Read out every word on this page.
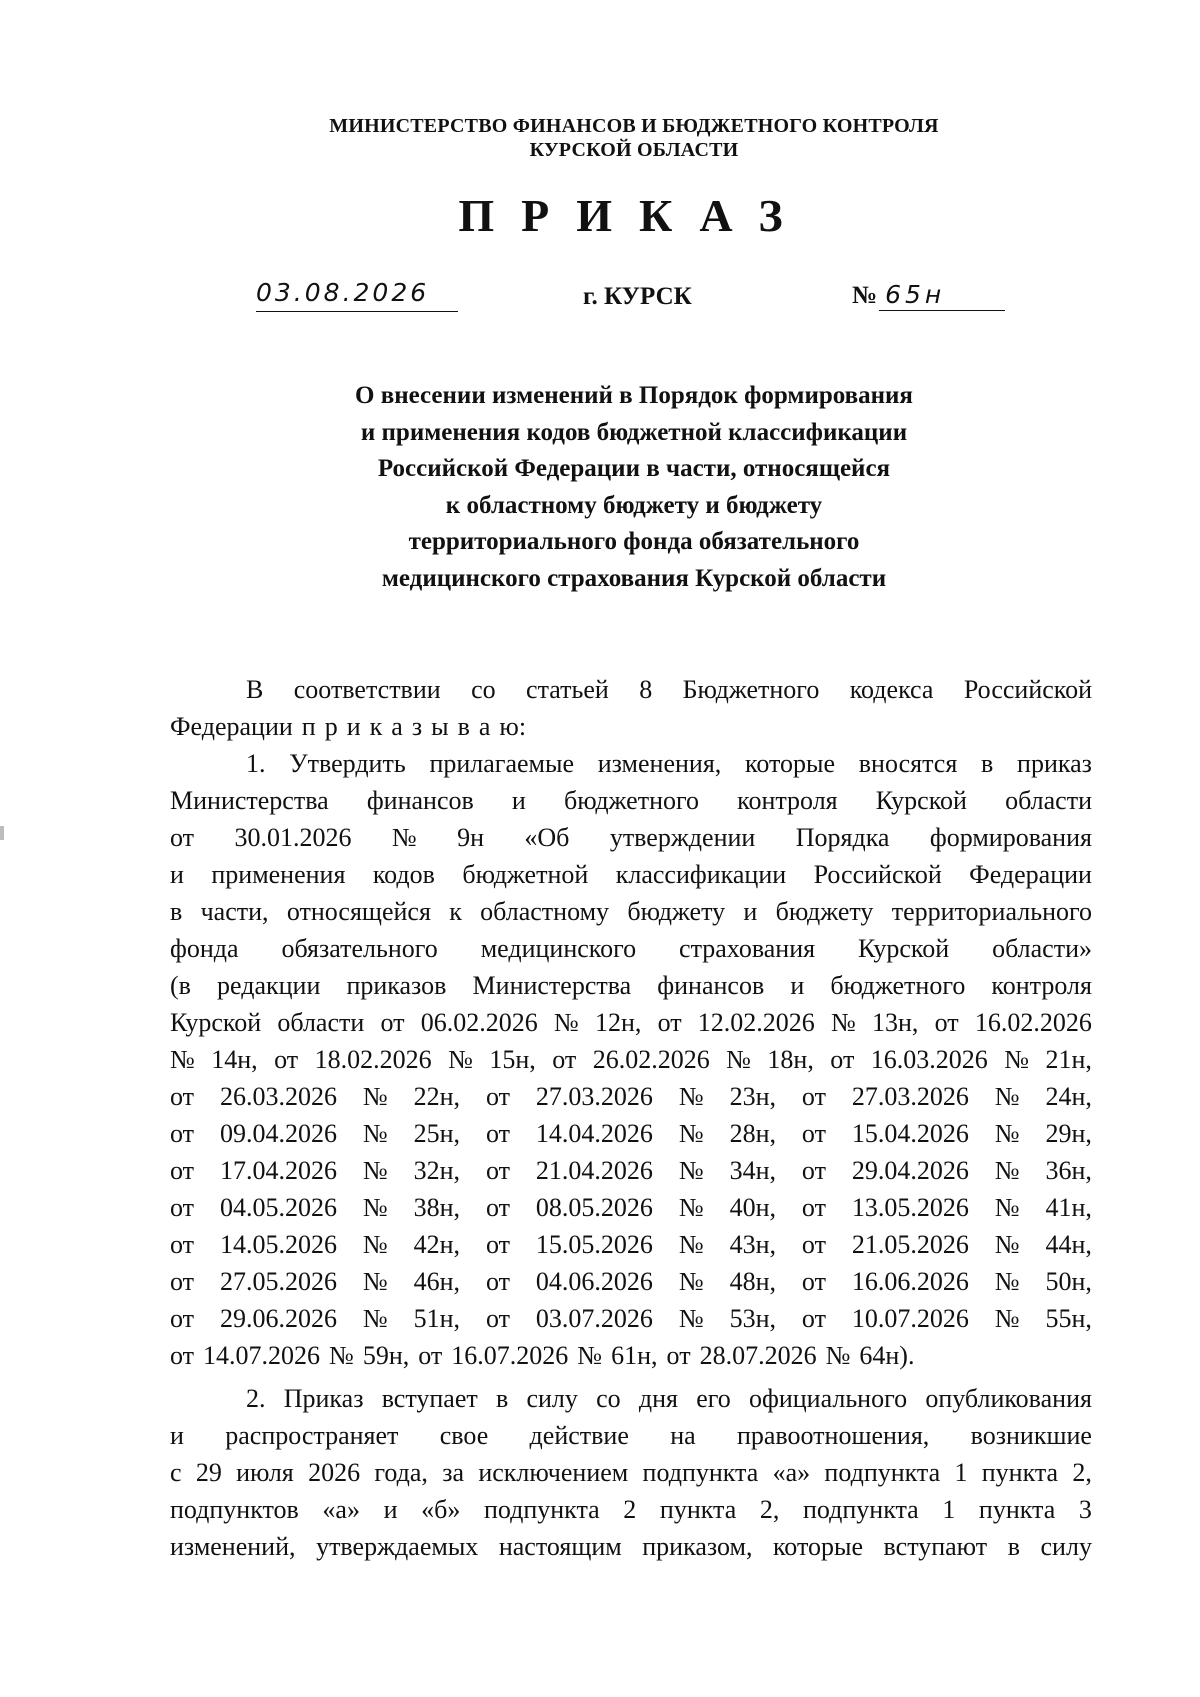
МИНИСТЕРСТВО ФИНАНСОВ И БЮДЖЕТНОГО КОНТРОЛЯ
КУРСКОЙ ОБЛАСТИ
ПРИКАЗ
03.08.2026	г. КУРСК	№ 65н
О внесении изменений в Порядок формирования
и применения кодов бюджетной классификации
Российской Федерации в части, относящейся
к областному бюджету и бюджету
территориального фонда обязательного
медицинского страхования Курской области
В соответствии со статьей 8 Бюджетного кодекса Российской
Федерации п р и к а з ы в а ю:
1. Утвердить прилагаемые изменения, которые вносятся в приказ
Министерства финансов и бюджетного контроля Курской области
от 30.01.2026 № 9н «Об утверждении Порядка формирования
и применения кодов бюджетной классификации Российской Федерации
в части, относящейся к областному бюджету и бюджету территориального
фонда обязательного медицинского страхования Курской области»
(в редакции приказов Министерства финансов и бюджетного контроля
Курской области от 06.02.2026 № 12н, от 12.02.2026 № 13н, от 16.02.2026
№ 14н, от 18.02.2026 № 15н, от 26.02.2026 № 18н, от 16.03.2026 № 21н,
от 26.03.2026 № 22н, от 27.03.2026 № 23н, от 27.03.2026 № 24н,
от 09.04.2026 № 25н, от 14.04.2026 № 28н, от 15.04.2026 № 29н,
от 17.04.2026 № 32н, от 21.04.2026 № 34н, от 29.04.2026 № 36н,
от 04.05.2026 № 38н, от 08.05.2026 № 40н, от 13.05.2026 № 41н,
от 14.05.2026 № 42н, от 15.05.2026 № 43н, от 21.05.2026 № 44н,
от 27.05.2026 № 46н, от 04.06.2026 № 48н, от 16.06.2026 № 50н,
от 29.06.2026 № 51н, от 03.07.2026 № 53н, от 10.07.2026 № 55н,
от 14.07.2026 № 59н, от 16.07.2026 № 61н, от 28.07.2026 № 64н).
2. Приказ вступает в силу со дня его официального опубликования
и распространяет свое действие на правоотношения, возникшие
с 29 июля 2026 года, за исключением подпункта «а» подпункта 1 пункта 2,
подпунктов «а» и «б» подпункта 2 пункта 2, подпункта 1 пункта 3
изменений, утверждаемых настоящим приказом, которые вступают в силу
